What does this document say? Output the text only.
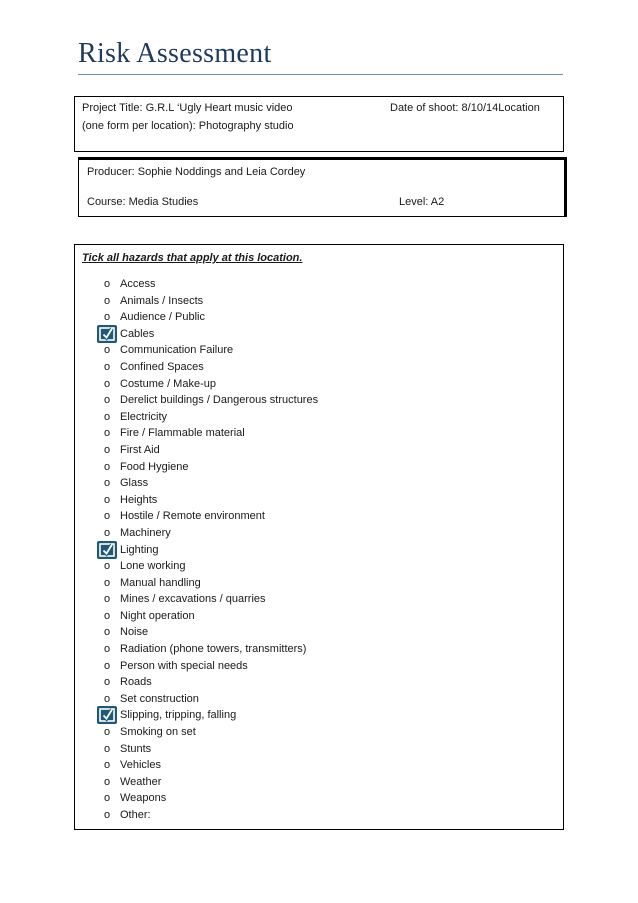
Risk Assessment
Project Title: G.R.L ‘Ugly Heart music video
(one form per location): Photography studio
Date of shoot: 8/10/14Location
Producer: Sophie Noddings and Leia Cordey
Course: Media Studies	Level: A2
Tick all hazards that apply at this location.
o Access
o Animals / Insects
o Audience / Public
Cables
o Communication Failure
o Confined Spaces
o Costume / Make-up
o Derelict buildings / Dangerous structures
o Electricity
o Fire / Flammable material
o First Aid
o Food Hygiene
o Glass
o Heights
o Hostile / Remote environment
o Machinery
Lighting
o Lone working
o Manual handling
o Mines / excavations / quarries
o Night operation
o Noise
o Radiation (phone towers, transmitters)
o Person with special needs
o Roads
o Set construction
Slipping, tripping, falling
o Smoking on set
o Stunts
o Vehicles
o Weather
o Weapons
o Other:
